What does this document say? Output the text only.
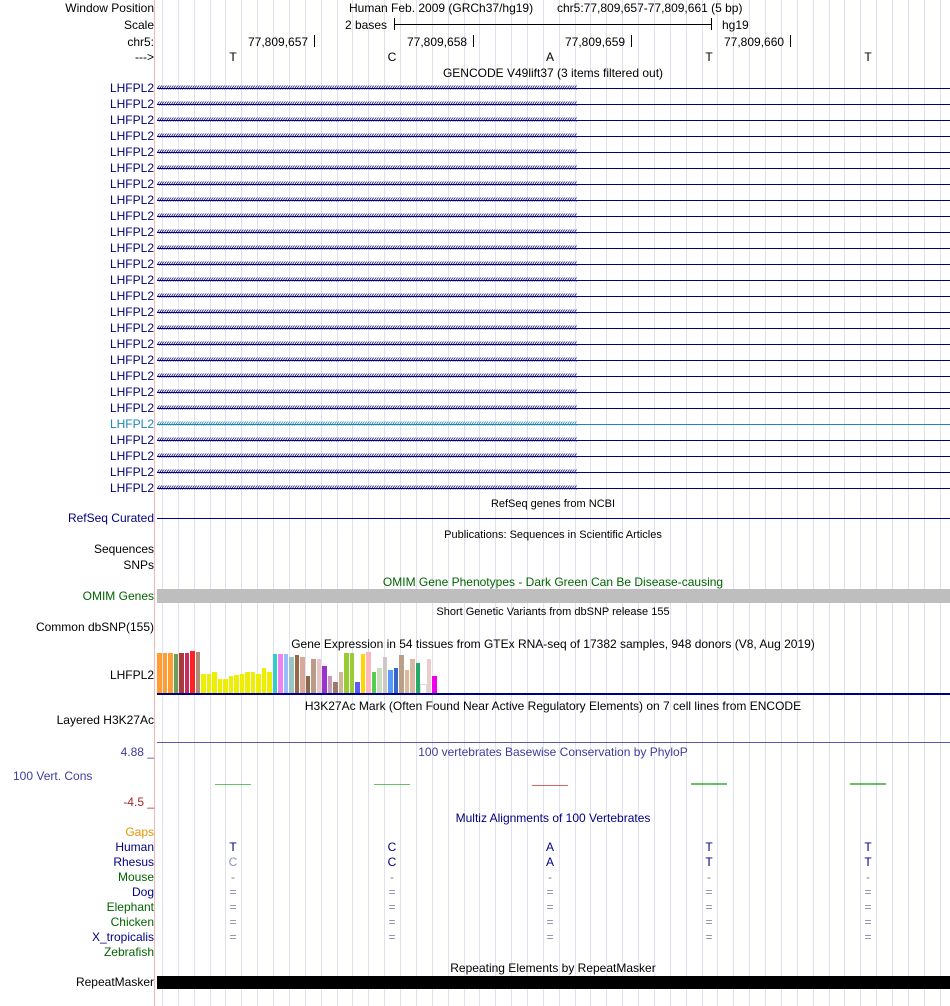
Window Position	Human Feb. 2009 (GRCh37/hg19) chr5:77,809,657-77,809,661 (5 bp)
Scale	2 bases	hg19
chr5:	77,809,657	77,809,658	77,809,659	77,809,660
--->	T	C	A	T	T
GENCODE V49lift37 (3 items filtered out)
‹‹‹‹‹‹‹‹‹‹‹‹‹‹‹‹‹‹‹‹‹‹‹‹‹‹‹‹‹‹‹‹‹‹‹‹‹‹‹‹‹‹‹‹‹‹‹‹‹‹‹‹‹‹‹‹‹‹‹‹‹‹‹‹‹‹‹‹‹‹‹‹‹‹‹‹‹‹‹‹‹‹‹‹‹‹‹‹‹‹‹‹‹‹‹‹‹‹‹‹‹‹‹‹‹‹‹‹‹‹‹‹‹‹‹‹‹‹‹‹‹‹‹‹‹‹‹‹‹‹‹‹‹‹‹‹‹‹‹‹‹‹‹‹‹‹‹‹‹‹‹‹‹‹‹‹‹‹‹‹‹‹‹‹‹‹‹‹‹‹‹‹‹‹‹‹‹‹‹‹
LHFPL2
‹‹‹‹‹‹‹‹‹‹‹‹‹‹‹‹‹‹‹‹‹‹‹‹‹‹‹‹‹‹‹‹‹‹‹‹‹‹‹‹‹‹‹‹‹‹‹‹‹‹‹‹‹‹‹‹‹‹‹‹‹‹‹‹‹‹‹‹‹‹‹‹‹‹‹‹‹‹‹‹‹‹‹‹‹‹‹‹‹‹‹‹‹‹‹‹‹‹‹‹‹‹‹‹‹‹‹‹‹‹‹‹‹‹‹‹‹‹‹‹‹‹‹‹‹‹‹‹‹‹‹‹‹‹‹‹‹‹‹‹‹‹‹‹‹‹‹‹‹‹‹‹‹‹‹‹‹‹‹‹‹‹‹‹‹‹‹‹‹‹‹‹‹‹‹‹‹‹‹‹
LHFPL2
‹‹‹‹‹‹‹‹‹‹‹‹‹‹‹‹‹‹‹‹‹‹‹‹‹‹‹‹‹‹‹‹‹‹‹‹‹‹‹‹‹‹‹‹‹‹‹‹‹‹‹‹‹‹‹‹‹‹‹‹‹‹‹‹‹‹‹‹‹‹‹‹‹‹‹‹‹‹‹‹‹‹‹‹‹‹‹‹‹‹‹‹‹‹‹‹‹‹‹‹‹‹‹‹‹‹‹‹‹‹‹‹‹‹‹‹‹‹‹‹‹‹‹‹‹‹‹‹‹‹‹‹‹‹‹‹‹‹‹‹‹‹‹‹‹‹‹‹‹‹‹‹‹‹‹‹‹‹‹‹‹‹‹‹‹‹‹‹‹‹‹‹‹‹‹‹‹‹‹‹
LHFPL2
‹‹‹‹‹‹‹‹‹‹‹‹‹‹‹‹‹‹‹‹‹‹‹‹‹‹‹‹‹‹‹‹‹‹‹‹‹‹‹‹‹‹‹‹‹‹‹‹‹‹‹‹‹‹‹‹‹‹‹‹‹‹‹‹‹‹‹‹‹‹‹‹‹‹‹‹‹‹‹‹‹‹‹‹‹‹‹‹‹‹‹‹‹‹‹‹‹‹‹‹‹‹‹‹‹‹‹‹‹‹‹‹‹‹‹‹‹‹‹‹‹‹‹‹‹‹‹‹‹‹‹‹‹‹‹‹‹‹‹‹‹‹‹‹‹‹‹‹‹‹‹‹‹‹‹‹‹‹‹‹‹‹‹‹‹‹‹‹‹‹‹‹‹‹‹‹‹‹‹‹
LHFPL2
‹‹‹‹‹‹‹‹‹‹‹‹‹‹‹‹‹‹‹‹‹‹‹‹‹‹‹‹‹‹‹‹‹‹‹‹‹‹‹‹‹‹‹‹‹‹‹‹‹‹‹‹‹‹‹‹‹‹‹‹‹‹‹‹‹‹‹‹‹‹‹‹‹‹‹‹‹‹‹‹‹‹‹‹‹‹‹‹‹‹‹‹‹‹‹‹‹‹‹‹‹‹‹‹‹‹‹‹‹‹‹‹‹‹‹‹‹‹‹‹‹‹‹‹‹‹‹‹‹‹‹‹‹‹‹‹‹‹‹‹‹‹‹‹‹‹‹‹‹‹‹‹‹‹‹‹‹‹‹‹‹‹‹‹‹‹‹‹‹‹‹‹‹‹‹‹‹‹‹‹
LHFPL2
‹‹‹‹‹‹‹‹‹‹‹‹‹‹‹‹‹‹‹‹‹‹‹‹‹‹‹‹‹‹‹‹‹‹‹‹‹‹‹‹‹‹‹‹‹‹‹‹‹‹‹‹‹‹‹‹‹‹‹‹‹‹‹‹‹‹‹‹‹‹‹‹‹‹‹‹‹‹‹‹‹‹‹‹‹‹‹‹‹‹‹‹‹‹‹‹‹‹‹‹‹‹‹‹‹‹‹‹‹‹‹‹‹‹‹‹‹‹‹‹‹‹‹‹‹‹‹‹‹‹‹‹‹‹‹‹‹‹‹‹‹‹‹‹‹‹‹‹‹‹‹‹‹‹‹‹‹‹‹‹‹‹‹‹‹‹‹‹‹‹‹‹‹‹‹‹‹‹‹‹
LHFPL2
‹‹‹‹‹‹‹‹‹‹‹‹‹‹‹‹‹‹‹‹‹‹‹‹‹‹‹‹‹‹‹‹‹‹‹‹‹‹‹‹‹‹‹‹‹‹‹‹‹‹‹‹‹‹‹‹‹‹‹‹‹‹‹‹‹‹‹‹‹‹‹‹‹‹‹‹‹‹‹‹‹‹‹‹‹‹‹‹‹‹‹‹‹‹‹‹‹‹‹‹‹‹‹‹‹‹‹‹‹‹‹‹‹‹‹‹‹‹‹‹‹‹‹‹‹‹‹‹‹‹‹‹‹‹‹‹‹‹‹‹‹‹‹‹‹‹‹‹‹‹‹‹‹‹‹‹‹‹‹‹‹‹‹‹‹‹‹‹‹‹‹‹‹‹‹‹‹‹‹‹
LHFPL2
‹‹‹‹‹‹‹‹‹‹‹‹‹‹‹‹‹‹‹‹‹‹‹‹‹‹‹‹‹‹‹‹‹‹‹‹‹‹‹‹‹‹‹‹‹‹‹‹‹‹‹‹‹‹‹‹‹‹‹‹‹‹‹‹‹‹‹‹‹‹‹‹‹‹‹‹‹‹‹‹‹‹‹‹‹‹‹‹‹‹‹‹‹‹‹‹‹‹‹‹‹‹‹‹‹‹‹‹‹‹‹‹‹‹‹‹‹‹‹‹‹‹‹‹‹‹‹‹‹‹‹‹‹‹‹‹‹‹‹‹‹‹‹‹‹‹‹‹‹‹‹‹‹‹‹‹‹‹‹‹‹‹‹‹‹‹‹‹‹‹‹‹‹‹‹‹‹‹‹‹
LHFPL2
‹‹‹‹‹‹‹‹‹‹‹‹‹‹‹‹‹‹‹‹‹‹‹‹‹‹‹‹‹‹‹‹‹‹‹‹‹‹‹‹‹‹‹‹‹‹‹‹‹‹‹‹‹‹‹‹‹‹‹‹‹‹‹‹‹‹‹‹‹‹‹‹‹‹‹‹‹‹‹‹‹‹‹‹‹‹‹‹‹‹‹‹‹‹‹‹‹‹‹‹‹‹‹‹‹‹‹‹‹‹‹‹‹‹‹‹‹‹‹‹‹‹‹‹‹‹‹‹‹‹‹‹‹‹‹‹‹‹‹‹‹‹‹‹‹‹‹‹‹‹‹‹‹‹‹‹‹‹‹‹‹‹‹‹‹‹‹‹‹‹‹‹‹‹‹‹‹‹‹‹
LHFPL2
‹‹‹‹‹‹‹‹‹‹‹‹‹‹‹‹‹‹‹‹‹‹‹‹‹‹‹‹‹‹‹‹‹‹‹‹‹‹‹‹‹‹‹‹‹‹‹‹‹‹‹‹‹‹‹‹‹‹‹‹‹‹‹‹‹‹‹‹‹‹‹‹‹‹‹‹‹‹‹‹‹‹‹‹‹‹‹‹‹‹‹‹‹‹‹‹‹‹‹‹‹‹‹‹‹‹‹‹‹‹‹‹‹‹‹‹‹‹‹‹‹‹‹‹‹‹‹‹‹‹‹‹‹‹‹‹‹‹‹‹‹‹‹‹‹‹‹‹‹‹‹‹‹‹‹‹‹‹‹‹‹‹‹‹‹‹‹‹‹‹‹‹‹‹‹‹‹‹‹‹
LHFPL2
‹‹‹‹‹‹‹‹‹‹‹‹‹‹‹‹‹‹‹‹‹‹‹‹‹‹‹‹‹‹‹‹‹‹‹‹‹‹‹‹‹‹‹‹‹‹‹‹‹‹‹‹‹‹‹‹‹‹‹‹‹‹‹‹‹‹‹‹‹‹‹‹‹‹‹‹‹‹‹‹‹‹‹‹‹‹‹‹‹‹‹‹‹‹‹‹‹‹‹‹‹‹‹‹‹‹‹‹‹‹‹‹‹‹‹‹‹‹‹‹‹‹‹‹‹‹‹‹‹‹‹‹‹‹‹‹‹‹‹‹‹‹‹‹‹‹‹‹‹‹‹‹‹‹‹‹‹‹‹‹‹‹‹‹‹‹‹‹‹‹‹‹‹‹‹‹‹‹‹‹
LHFPL2
‹‹‹‹‹‹‹‹‹‹‹‹‹‹‹‹‹‹‹‹‹‹‹‹‹‹‹‹‹‹‹‹‹‹‹‹‹‹‹‹‹‹‹‹‹‹‹‹‹‹‹‹‹‹‹‹‹‹‹‹‹‹‹‹‹‹‹‹‹‹‹‹‹‹‹‹‹‹‹‹‹‹‹‹‹‹‹‹‹‹‹‹‹‹‹‹‹‹‹‹‹‹‹‹‹‹‹‹‹‹‹‹‹‹‹‹‹‹‹‹‹‹‹‹‹‹‹‹‹‹‹‹‹‹‹‹‹‹‹‹‹‹‹‹‹‹‹‹‹‹‹‹‹‹‹‹‹‹‹‹‹‹‹‹‹‹‹‹‹‹‹‹‹‹‹‹‹‹‹‹
LHFPL2
‹‹‹‹‹‹‹‹‹‹‹‹‹‹‹‹‹‹‹‹‹‹‹‹‹‹‹‹‹‹‹‹‹‹‹‹‹‹‹‹‹‹‹‹‹‹‹‹‹‹‹‹‹‹‹‹‹‹‹‹‹‹‹‹‹‹‹‹‹‹‹‹‹‹‹‹‹‹‹‹‹‹‹‹‹‹‹‹‹‹‹‹‹‹‹‹‹‹‹‹‹‹‹‹‹‹‹‹‹‹‹‹‹‹‹‹‹‹‹‹‹‹‹‹‹‹‹‹‹‹‹‹‹‹‹‹‹‹‹‹‹‹‹‹‹‹‹‹‹‹‹‹‹‹‹‹‹‹‹‹‹‹‹‹‹‹‹‹‹‹‹‹‹‹‹‹‹‹‹‹
LHFPL2
‹‹‹‹‹‹‹‹‹‹‹‹‹‹‹‹‹‹‹‹‹‹‹‹‹‹‹‹‹‹‹‹‹‹‹‹‹‹‹‹‹‹‹‹‹‹‹‹‹‹‹‹‹‹‹‹‹‹‹‹‹‹‹‹‹‹‹‹‹‹‹‹‹‹‹‹‹‹‹‹‹‹‹‹‹‹‹‹‹‹‹‹‹‹‹‹‹‹‹‹‹‹‹‹‹‹‹‹‹‹‹‹‹‹‹‹‹‹‹‹‹‹‹‹‹‹‹‹‹‹‹‹‹‹‹‹‹‹‹‹‹‹‹‹‹‹‹‹‹‹‹‹‹‹‹‹‹‹‹‹‹‹‹‹‹‹‹‹‹‹‹‹‹‹‹‹‹‹‹‹
LHFPL2
‹‹‹‹‹‹‹‹‹‹‹‹‹‹‹‹‹‹‹‹‹‹‹‹‹‹‹‹‹‹‹‹‹‹‹‹‹‹‹‹‹‹‹‹‹‹‹‹‹‹‹‹‹‹‹‹‹‹‹‹‹‹‹‹‹‹‹‹‹‹‹‹‹‹‹‹‹‹‹‹‹‹‹‹‹‹‹‹‹‹‹‹‹‹‹‹‹‹‹‹‹‹‹‹‹‹‹‹‹‹‹‹‹‹‹‹‹‹‹‹‹‹‹‹‹‹‹‹‹‹‹‹‹‹‹‹‹‹‹‹‹‹‹‹‹‹‹‹‹‹‹‹‹‹‹‹‹‹‹‹‹‹‹‹‹‹‹‹‹‹‹‹‹‹‹‹‹‹‹‹
LHFPL2
‹‹‹‹‹‹‹‹‹‹‹‹‹‹‹‹‹‹‹‹‹‹‹‹‹‹‹‹‹‹‹‹‹‹‹‹‹‹‹‹‹‹‹‹‹‹‹‹‹‹‹‹‹‹‹‹‹‹‹‹‹‹‹‹‹‹‹‹‹‹‹‹‹‹‹‹‹‹‹‹‹‹‹‹‹‹‹‹‹‹‹‹‹‹‹‹‹‹‹‹‹‹‹‹‹‹‹‹‹‹‹‹‹‹‹‹‹‹‹‹‹‹‹‹‹‹‹‹‹‹‹‹‹‹‹‹‹‹‹‹‹‹‹‹‹‹‹‹‹‹‹‹‹‹‹‹‹‹‹‹‹‹‹‹‹‹‹‹‹‹‹‹‹‹‹‹‹‹‹‹
LHFPL2
‹‹‹‹‹‹‹‹‹‹‹‹‹‹‹‹‹‹‹‹‹‹‹‹‹‹‹‹‹‹‹‹‹‹‹‹‹‹‹‹‹‹‹‹‹‹‹‹‹‹‹‹‹‹‹‹‹‹‹‹‹‹‹‹‹‹‹‹‹‹‹‹‹‹‹‹‹‹‹‹‹‹‹‹‹‹‹‹‹‹‹‹‹‹‹‹‹‹‹‹‹‹‹‹‹‹‹‹‹‹‹‹‹‹‹‹‹‹‹‹‹‹‹‹‹‹‹‹‹‹‹‹‹‹‹‹‹‹‹‹‹‹‹‹‹‹‹‹‹‹‹‹‹‹‹‹‹‹‹‹‹‹‹‹‹‹‹‹‹‹‹‹‹‹‹‹‹‹‹‹
LHFPL2
‹‹‹‹‹‹‹‹‹‹‹‹‹‹‹‹‹‹‹‹‹‹‹‹‹‹‹‹‹‹‹‹‹‹‹‹‹‹‹‹‹‹‹‹‹‹‹‹‹‹‹‹‹‹‹‹‹‹‹‹‹‹‹‹‹‹‹‹‹‹‹‹‹‹‹‹‹‹‹‹‹‹‹‹‹‹‹‹‹‹‹‹‹‹‹‹‹‹‹‹‹‹‹‹‹‹‹‹‹‹‹‹‹‹‹‹‹‹‹‹‹‹‹‹‹‹‹‹‹‹‹‹‹‹‹‹‹‹‹‹‹‹‹‹‹‹‹‹‹‹‹‹‹‹‹‹‹‹‹‹‹‹‹‹‹‹‹‹‹‹‹‹‹‹‹‹‹‹‹‹
LHFPL2
‹‹‹‹‹‹‹‹‹‹‹‹‹‹‹‹‹‹‹‹‹‹‹‹‹‹‹‹‹‹‹‹‹‹‹‹‹‹‹‹‹‹‹‹‹‹‹‹‹‹‹‹‹‹‹‹‹‹‹‹‹‹‹‹‹‹‹‹‹‹‹‹‹‹‹‹‹‹‹‹‹‹‹‹‹‹‹‹‹‹‹‹‹‹‹‹‹‹‹‹‹‹‹‹‹‹‹‹‹‹‹‹‹‹‹‹‹‹‹‹‹‹‹‹‹‹‹‹‹‹‹‹‹‹‹‹‹‹‹‹‹‹‹‹‹‹‹‹‹‹‹‹‹‹‹‹‹‹‹‹‹‹‹‹‹‹‹‹‹‹‹‹‹‹‹‹‹‹‹‹
LHFPL2
‹‹‹‹‹‹‹‹‹‹‹‹‹‹‹‹‹‹‹‹‹‹‹‹‹‹‹‹‹‹‹‹‹‹‹‹‹‹‹‹‹‹‹‹‹‹‹‹‹‹‹‹‹‹‹‹‹‹‹‹‹‹‹‹‹‹‹‹‹‹‹‹‹‹‹‹‹‹‹‹‹‹‹‹‹‹‹‹‹‹‹‹‹‹‹‹‹‹‹‹‹‹‹‹‹‹‹‹‹‹‹‹‹‹‹‹‹‹‹‹‹‹‹‹‹‹‹‹‹‹‹‹‹‹‹‹‹‹‹‹‹‹‹‹‹‹‹‹‹‹‹‹‹‹‹‹‹‹‹‹‹‹‹‹‹‹‹‹‹‹‹‹‹‹‹‹‹‹‹‹
LHFPL2
‹‹‹‹‹‹‹‹‹‹‹‹‹‹‹‹‹‹‹‹‹‹‹‹‹‹‹‹‹‹‹‹‹‹‹‹‹‹‹‹‹‹‹‹‹‹‹‹‹‹‹‹‹‹‹‹‹‹‹‹‹‹‹‹‹‹‹‹‹‹‹‹‹‹‹‹‹‹‹‹‹‹‹‹‹‹‹‹‹‹‹‹‹‹‹‹‹‹‹‹‹‹‹‹‹‹‹‹‹‹‹‹‹‹‹‹‹‹‹‹‹‹‹‹‹‹‹‹‹‹‹‹‹‹‹‹‹‹‹‹‹‹‹‹‹‹‹‹‹‹‹‹‹‹‹‹‹‹‹‹‹‹‹‹‹‹‹‹‹‹‹‹‹‹‹‹‹‹‹‹
LHFPL2
‹‹‹‹‹‹‹‹‹‹‹‹‹‹‹‹‹‹‹‹‹‹‹‹‹‹‹‹‹‹‹‹‹‹‹‹‹‹‹‹‹‹‹‹‹‹‹‹‹‹‹‹‹‹‹‹‹‹‹‹‹‹‹‹‹‹‹‹‹‹‹‹‹‹‹‹‹‹‹‹‹‹‹‹‹‹‹‹‹‹‹‹‹‹‹‹‹‹‹‹‹‹‹‹‹‹‹‹‹‹‹‹‹‹‹‹‹‹‹‹‹‹‹‹‹‹‹‹‹‹‹‹‹‹‹‹‹‹‹‹‹‹‹‹‹‹‹‹‹‹‹‹‹‹‹‹‹‹‹‹‹‹‹‹‹‹‹‹‹‹‹‹‹‹‹‹‹‹‹‹
LHFPL2
‹‹‹‹‹‹‹‹‹‹‹‹‹‹‹‹‹‹‹‹‹‹‹‹‹‹‹‹‹‹‹‹‹‹‹‹‹‹‹‹‹‹‹‹‹‹‹‹‹‹‹‹‹‹‹‹‹‹‹‹‹‹‹‹‹‹‹‹‹‹‹‹‹‹‹‹‹‹‹‹‹‹‹‹‹‹‹‹‹‹‹‹‹‹‹‹‹‹‹‹‹‹‹‹‹‹‹‹‹‹‹‹‹‹‹‹‹‹‹‹‹‹‹‹‹‹‹‹‹‹‹‹‹‹‹‹‹‹‹‹‹‹‹‹‹‹‹‹‹‹‹‹‹‹‹‹‹‹‹‹‹‹‹‹‹‹‹‹‹‹‹‹‹‹‹‹‹‹‹‹
LHFPL2
‹‹‹‹‹‹‹‹‹‹‹‹‹‹‹‹‹‹‹‹‹‹‹‹‹‹‹‹‹‹‹‹‹‹‹‹‹‹‹‹‹‹‹‹‹‹‹‹‹‹‹‹‹‹‹‹‹‹‹‹‹‹‹‹‹‹‹‹‹‹‹‹‹‹‹‹‹‹‹‹‹‹‹‹‹‹‹‹‹‹‹‹‹‹‹‹‹‹‹‹‹‹‹‹‹‹‹‹‹‹‹‹‹‹‹‹‹‹‹‹‹‹‹‹‹‹‹‹‹‹‹‹‹‹‹‹‹‹‹‹‹‹‹‹‹‹‹‹‹‹‹‹‹‹‹‹‹‹‹‹‹‹‹‹‹‹‹‹‹‹‹‹‹‹‹‹‹‹‹‹
LHFPL2
‹‹‹‹‹‹‹‹‹‹‹‹‹‹‹‹‹‹‹‹‹‹‹‹‹‹‹‹‹‹‹‹‹‹‹‹‹‹‹‹‹‹‹‹‹‹‹‹‹‹‹‹‹‹‹‹‹‹‹‹‹‹‹‹‹‹‹‹‹‹‹‹‹‹‹‹‹‹‹‹‹‹‹‹‹‹‹‹‹‹‹‹‹‹‹‹‹‹‹‹‹‹‹‹‹‹‹‹‹‹‹‹‹‹‹‹‹‹‹‹‹‹‹‹‹‹‹‹‹‹‹‹‹‹‹‹‹‹‹‹‹‹‹‹‹‹‹‹‹‹‹‹‹‹‹‹‹‹‹‹‹‹‹‹‹‹‹‹‹‹‹‹‹‹‹‹‹‹‹‹
LHFPL2
‹‹‹‹‹‹‹‹‹‹‹‹‹‹‹‹‹‹‹‹‹‹‹‹‹‹‹‹‹‹‹‹‹‹‹‹‹‹‹‹‹‹‹‹‹‹‹‹‹‹‹‹‹‹‹‹‹‹‹‹‹‹‹‹‹‹‹‹‹‹‹‹‹‹‹‹‹‹‹‹‹‹‹‹‹‹‹‹‹‹‹‹‹‹‹‹‹‹‹‹‹‹‹‹‹‹‹‹‹‹‹‹‹‹‹‹‹‹‹‹‹‹‹‹‹‹‹‹‹‹‹‹‹‹‹‹‹‹‹‹‹‹‹‹‹‹‹‹‹‹‹‹‹‹‹‹‹‹‹‹‹‹‹‹‹‹‹‹‹‹‹‹‹‹‹‹‹‹‹‹
LHFPL2
RefSeq genes from NCBI
RefSeq Curated
Publications: Sequences in Scientific Articles
Sequences
SNPs
OMIM Gene Phenotypes - Dark Green Can Be Disease-causing
OMIM Genes
Short Genetic Variants from dbSNP release 155
Common dbSNP(155)
Gene Expression in 54 tissues from GTEx RNA-seq of 17382 samples, 948 donors (V8, Aug 2019)
LHFPL2
H3K27Ac Mark (Often Found Near Active Regulatory Elements) on 7 cell lines from ENCODE
Layered H3K27Ac
100 vertebrates Basewise Conservation by PhyloP
4.88 _
100 Vert. Cons
-4.5 _
Multiz Alignments of 100 Vertebrates
Gaps
Human	T	C	A	T	T
Rhesus	C	C	A	T	T
Mouse	-	-	-	-	-
Dog	=	=	=	=	=
Elephant	=	=	=	=	=
Chicken	=	=	=	=	=
X_tropicalis	=	=	=	=	=
Zebrafish
Repeating Elements by RepeatMasker
RepeatMasker
